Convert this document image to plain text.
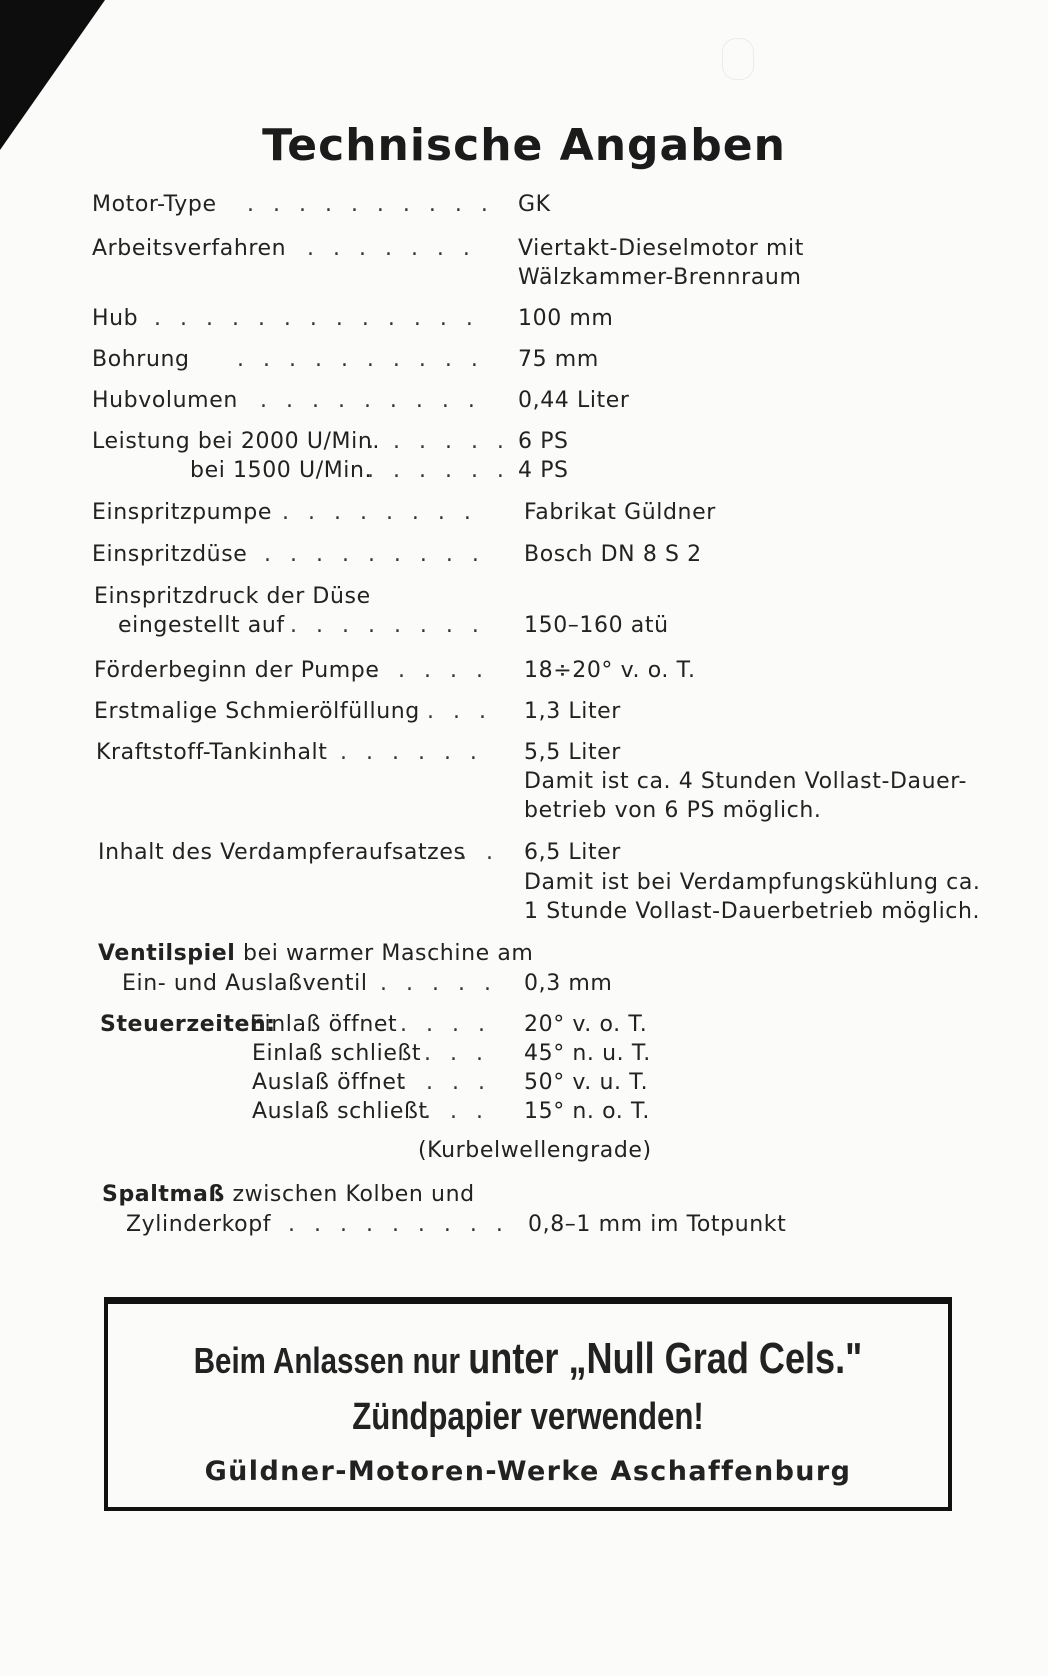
Technische Angaben
Motor-Type . . . . . . . . . . GK
Arbeitsverfahren . . . . . . . Viertakt-Dieselmotor mit
Wälzkammer-Brennraum
Hub . . . . . . . . . . . . . 100 mm
Bohrung . . . . . . . . . . 75 mm
Hubvolumen . . . . . . . . . 0,44 Liter
Leistung bei 2000 U/Min.
. . . . . . 6 PS
bei 1500 U/Min.
. . . . . . 4 PS
Einspritzpumpe . . . . . . . . Fabrikat Güldner
Einspritzdüse . . . . . . . . . Bosch DN 8 S 2
Einspritzdruck der Düse
eingestellt auf . . . . . . . . 150–160 atü
Förderbeginn der Pumpe
. . . . . 18÷20° v. o. T.
Erstmalige Schmierölfüllung . . . 1,3 Liter
Kraftstoff-Tankinhalt . . . . . . 5,5 Liter
Damit ist ca. 4 Stunden Vollast-Dauer-
betrieb von 6 PS möglich.
Inhalt des Verdampferaufsatzes
. . 6,5 Liter
Damit ist bei Verdampfungskühlung ca.
1 Stunde Vollast-Dauerbetrieb möglich.
Ventilspiel bei warmer Maschine am
Ein- und Auslaßventil . . . . . 0,3 mm
Steuerzeiten:
Einlaß öffnet . . . . 20° v. o. T.
Einlaß schließt . . . 45° n. u. T.
Auslaß öffnet
. . . . 50° v. u. T.
Auslaß schließt
. . . 15° n. o. T.
(Kurbelwellengrade)
Spaltmaß zwischen Kolben und
Zylinderkopf . . . . . . . . . 0,8–1 mm im Totpunkt
Beim Anlassen nur unter „Null Grad Cels."
Zündpapier verwenden!
Güldner-Motoren-Werke Aschaffenburg
